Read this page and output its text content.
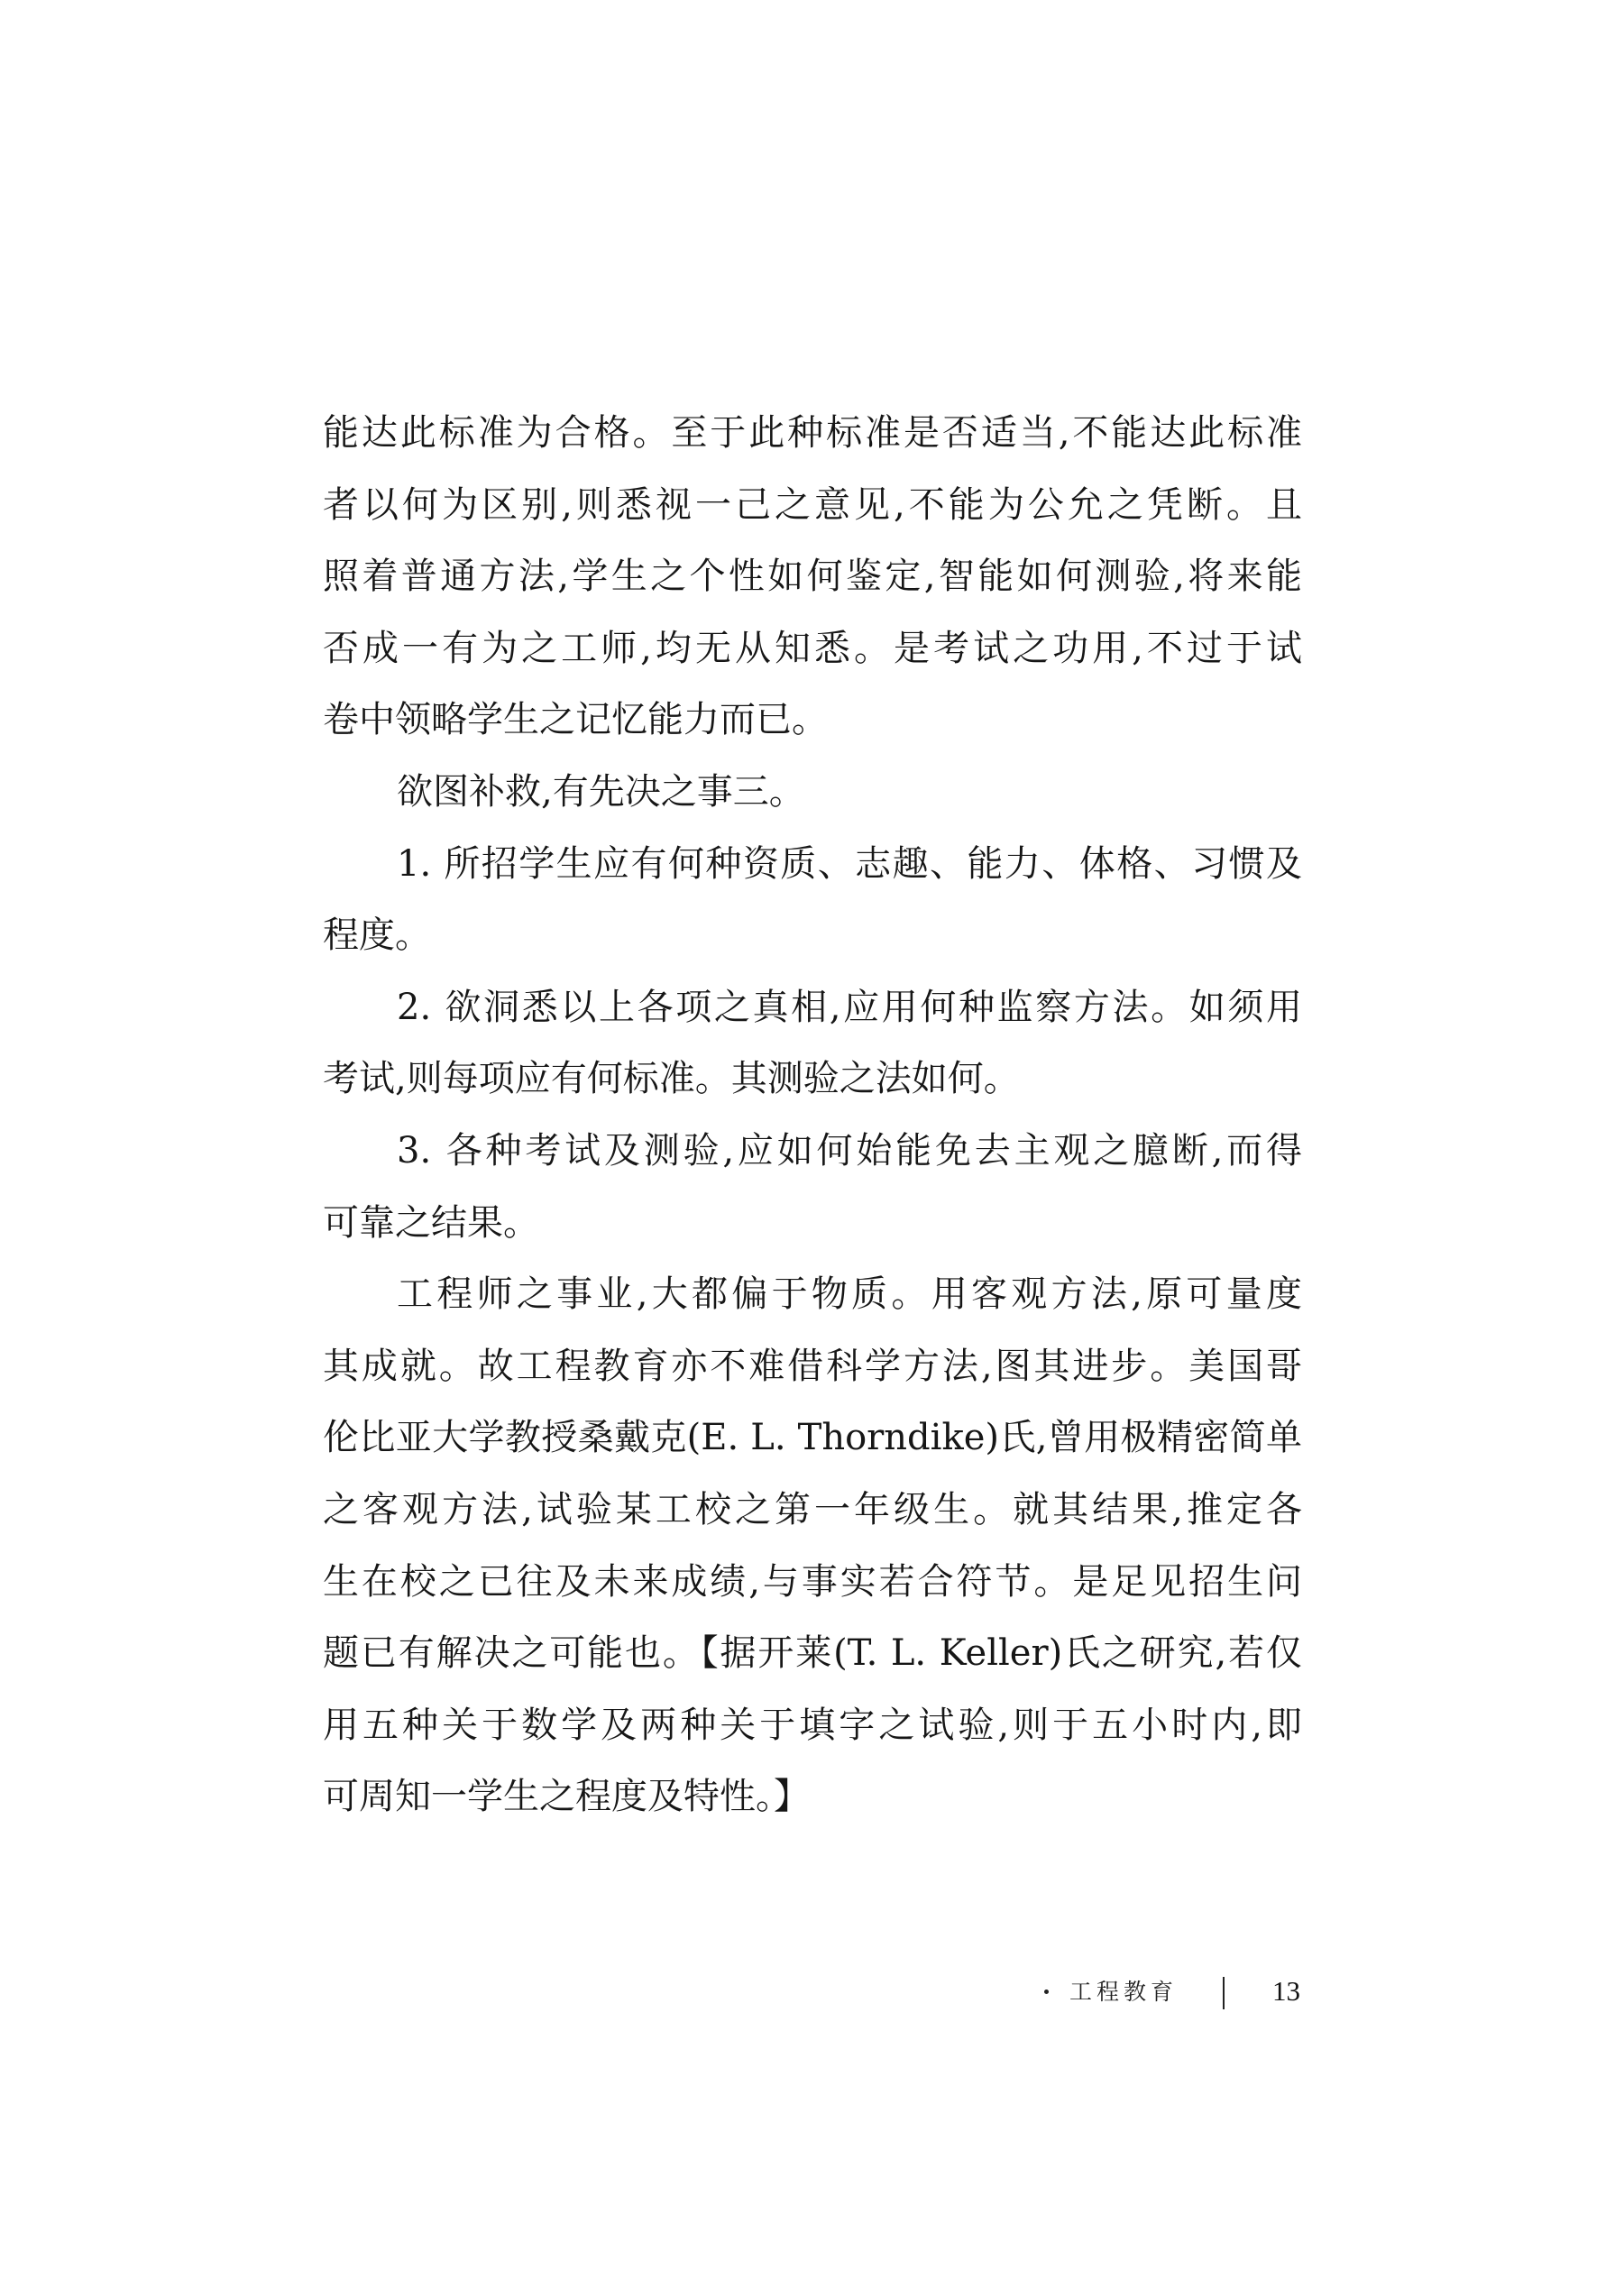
能达此标准为合格。至于此种标准是否适当,不能达此标准
者以何为区别,则悉视一己之意见,不能为公允之凭断。且
照着普通方法,学生之个性如何鉴定,智能如何测验,将来能
否成一有为之工师,均无从知悉。是考试之功用,不过于试
卷中领略学生之记忆能力而已。
欲图补救,有先决之事三。
1. 所招学生应有何种资质、志趣、能力、体格、习惯及
程度。
2. 欲洞悉以上各项之真相,应用何种监察方法。如须用
考试,则每项应有何标准。其测验之法如何。
3. 各种考试及测验,应如何始能免去主观之臆断,而得
可靠之结果。
工程师之事业,大都偏于物质。用客观方法,原可量度
其成就。故工程教育亦不难借科学方法,图其进步。美国哥
伦比亚大学教授桑戴克(E. L. Thorndike)氏,曾用极精密简单
之客观方法,试验某工校之第一年级生。就其结果,推定各
生在校之已往及未来成绩,与事实若合符节。是足见招生问
题已有解决之可能也。【据开莱(T. L. Keller)氏之研究,若仅
用五种关于数学及两种关于填字之试验,则于五小时内,即
可周知一学生之程度及特性。】
工程教育	13
